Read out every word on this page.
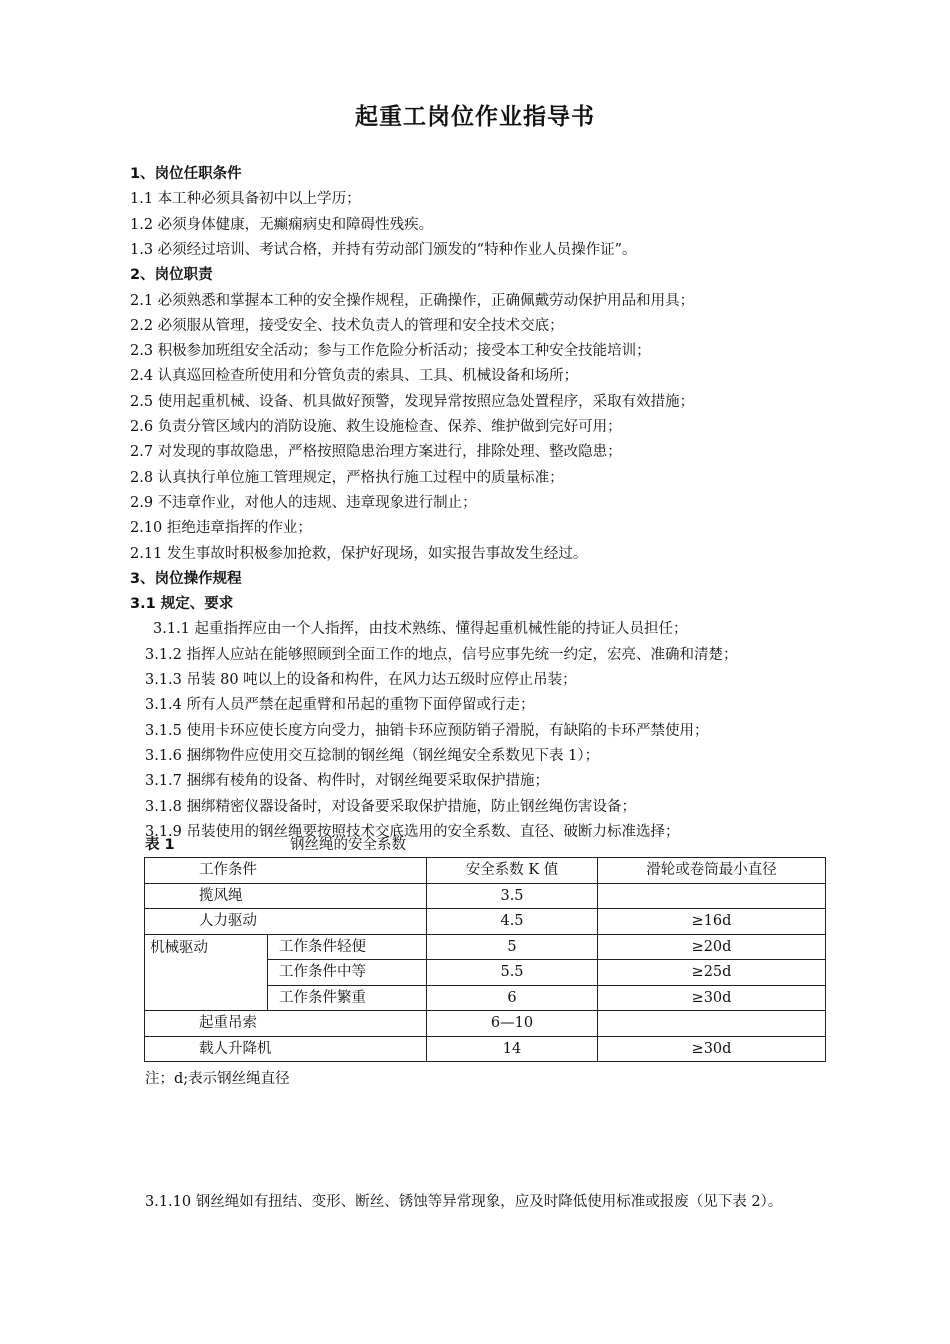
起重工岗位作业指导书
1、岗位任职条件
1.1 本工种必须具备初中以上学历；
1.2 必须身体健康，无癫痫病史和障碍性残疾。
1.3 必须经过培训、考试合格，并持有劳动部门颁发的“特种作业人员操作证”。
2、岗位职责
2.1 必须熟悉和掌握本工种的安全操作规程，正确操作，正确佩戴劳动保护用品和用具；
2.2 必须服从管理，接受安全、技术负责人的管理和安全技术交底；
2.3 积极参加班组安全活动；参与工作危险分析活动；接受本工种安全技能培训；
2.4 认真巡回检查所使用和分管负责的索具、工具、机械设备和场所；
2.5 使用起重机械、设备、机具做好预警，发现异常按照应急处置程序，采取有效措施；
2.6 负责分管区域内的消防设施、救生设施检查、保养、维护做到完好可用；
2.7 对发现的事故隐患，严格按照隐患治理方案进行，排除处理、整改隐患；
2.8 认真执行单位施工管理规定，严格执行施工过程中的质量标准；
2.9 不违章作业，对他人的违规、违章现象进行制止；
2.10 拒绝违章指挥的作业；
2.11 发生事故时积极参加抢救，保护好现场，如实报告事故发生经过。
3、岗位操作规程
3.1 规定、要求
3.1.1 起重指挥应由一个人指挥，由技术熟练、懂得起重机械性能的持证人员担任；
3.1.2 指挥人应站在能够照顾到全面工作的地点，信号应事先统一约定，宏亮、准确和清楚；
3.1.3 吊装 80 吨以上的设备和构件，在风力达五级时应停止吊装；
3.1.4 所有人员严禁在起重臂和吊起的重物下面停留或行走；
3.1.5 使用卡环应使长度方向受力，抽销卡环应预防销子滑脱，有缺陷的卡环严禁使用；
3.1.6 捆绑物件应使用交互捻制的钢丝绳（钢丝绳安全系数见下表 1）；
3.1.7 捆绑有棱角的设备、构件时，对钢丝绳要采取保护措施；
3.1.8 捆绑精密仪器设备时，对设备要采取保护措施，防止钢丝绳伤害设备；
3.1.9 吊装使用的钢丝绳要按照技术交底选用的安全系数、直径、破断力标准选择；
表 1	钢丝绳的安全系数
工作条件		安全系数 K 值	滑轮或卷筒最小直径
揽风绳		3.5	
人力驱动		4.5	≥16d
机械驱动	工作条件轻便	5	≥20d
	工作条件中等	5.5	≥25d
	工作条件繁重	6	≥30d
起重吊索		6—10	
载人升降机		14	≥30d
注；d;表示钢丝绳直径
3.1.10 钢丝绳如有扭结、变形、断丝、锈蚀等异常现象，应及时降低使用标准或报废（见下表 2）。
